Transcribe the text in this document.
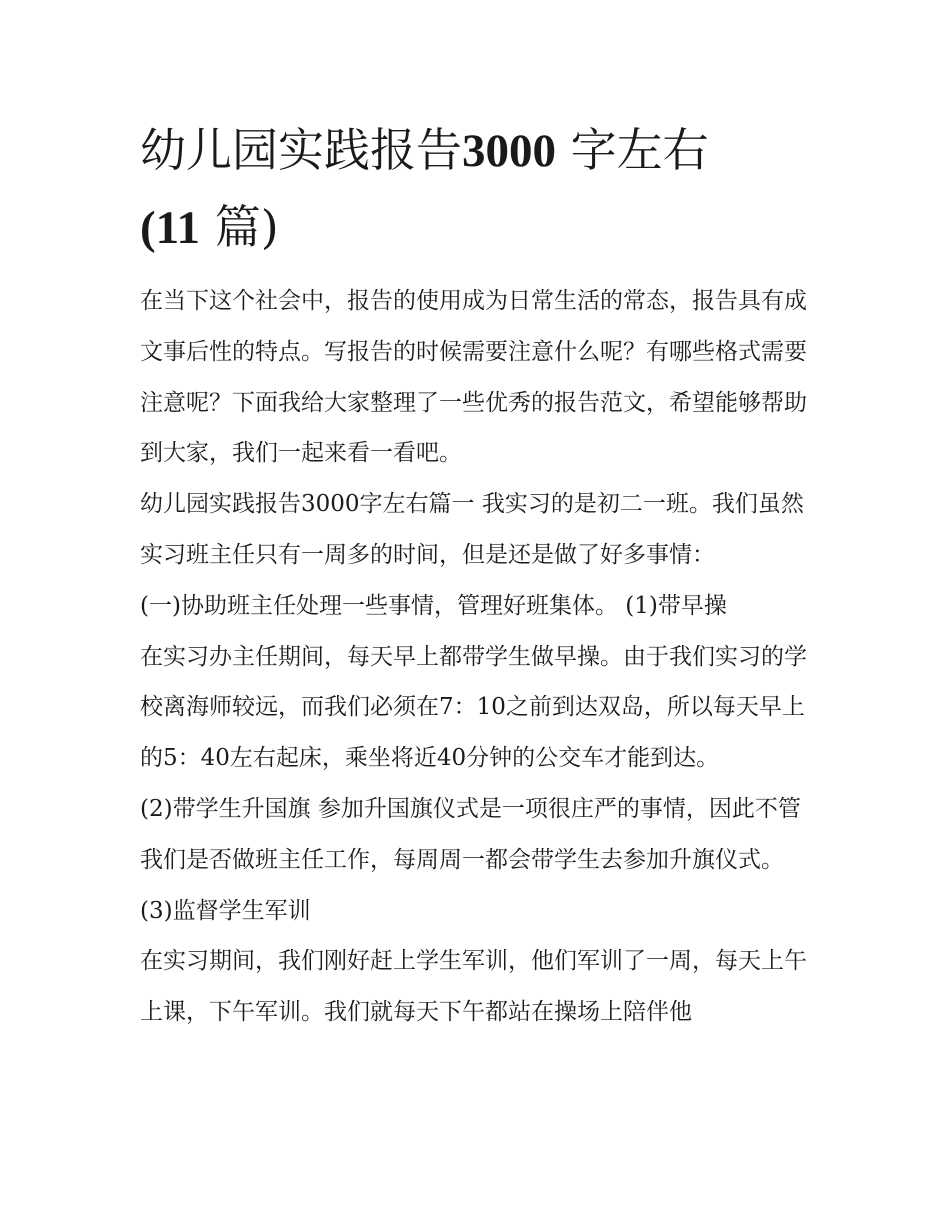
幼儿园实践报告3000 字左右
(11 篇)

在当下这个社会中，报告的使用成为日常生活的常态，报告具有成文事后性的特点。写报告的时候需要注意什么呢？有哪些格式需要注意呢？下面我给大家整理了一些优秀的报告范文，希望能够帮助到大家，我们一起来看一看吧。

幼儿园实践报告3000字左右篇一 我实习的是初二一班。我们虽然实习班主任只有一周多的时间，但是还是做了好多事情：

(一)协助班主任处理一些事情，管理好班集体。 (1)带早操

在实习办主任期间，每天早上都带学生做早操。由于我们实习的学校离海师较远，而我们必须在7：10之前到达双岛，所以每天早上的5：40左右起床，乘坐将近40分钟的公交车才能到达。

(2)带学生升国旗 参加升国旗仪式是一项很庄严的事情，因此不管我们是否做班主任工作，每周周一都会带学生去参加升旗仪式。 (3)监督学生军训

在实习期间，我们刚好赶上学生军训，他们军训了一周，每天上午上课，下午军训。我们就每天下午都站在操场上陪伴他
